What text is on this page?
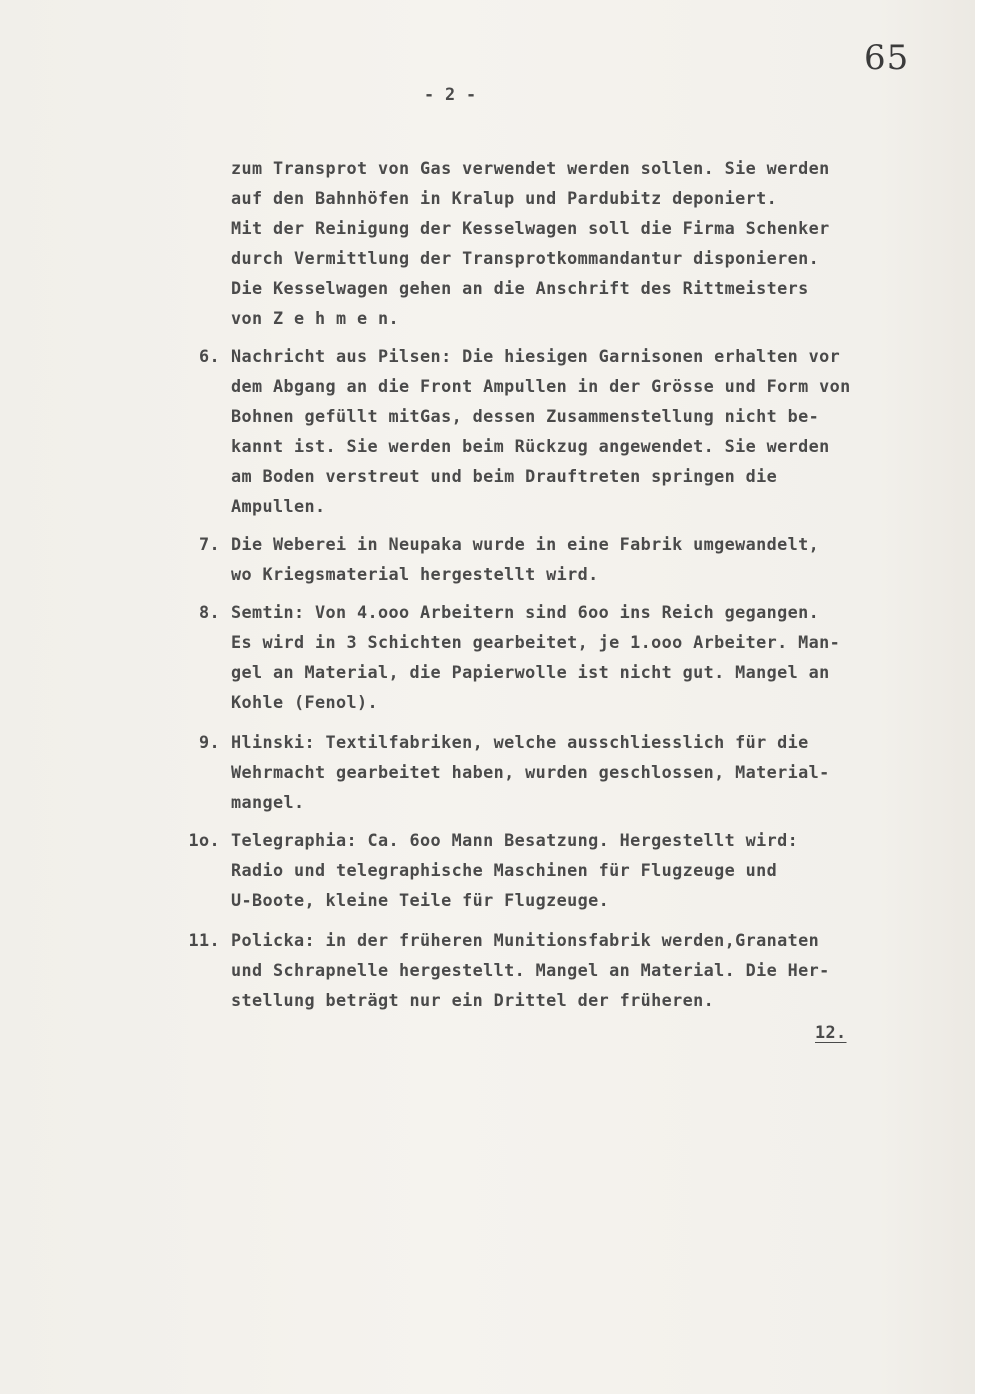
65
- 2 -
zum Transprot von Gas verwendet werden sollen. Sie werden
auf den Bahnhöfen in Kralup und Pardubitz deponiert.
Mit der Reinigung der Kesselwagen soll die Firma Schenker
durch Vermittlung der Transprotkommandantur disponieren.
Die Kesselwagen gehen an die Anschrift des Rittmeisters
von Z e h m e n.
6. Nachricht aus Pilsen: Die hiesigen Garnisonen erhalten vor
dem Abgang an die Front Ampullen in der Grösse und Form von
Bohnen gefüllt mitGas, dessen Zusammenstellung nicht be-
kannt ist. Sie werden beim Rückzug angewendet. Sie werden
am Boden verstreut und beim Drauftreten springen die
Ampullen.
7. Die Weberei in Neupaka wurde in eine Fabrik umgewandelt,
wo Kriegsmaterial hergestellt wird.
8. Semtin: Von 4.ooo Arbeitern sind 6oo ins Reich gegangen.
Es wird in 3 Schichten gearbeitet, je 1.ooo Arbeiter. Man-
gel an Material, die Papierwolle ist nicht gut. Mangel an
Kohle (Fenol).
9. Hlinski: Textilfabriken, welche ausschliesslich für die
Wehrmacht gearbeitet haben, wurden geschlossen, Material-
mangel.
1o. Telegraphia: Ca. 6oo Mann Besatzung. Hergestellt wird:
Radio und telegraphische Maschinen für Flugzeuge und
U-Boote, kleine Teile für Flugzeuge.
11. Policka: in der früheren Munitionsfabrik werden,Granaten
und Schrapnelle hergestellt. Mangel an Material. Die Her-
stellung beträgt nur ein Drittel der früheren.
12.
